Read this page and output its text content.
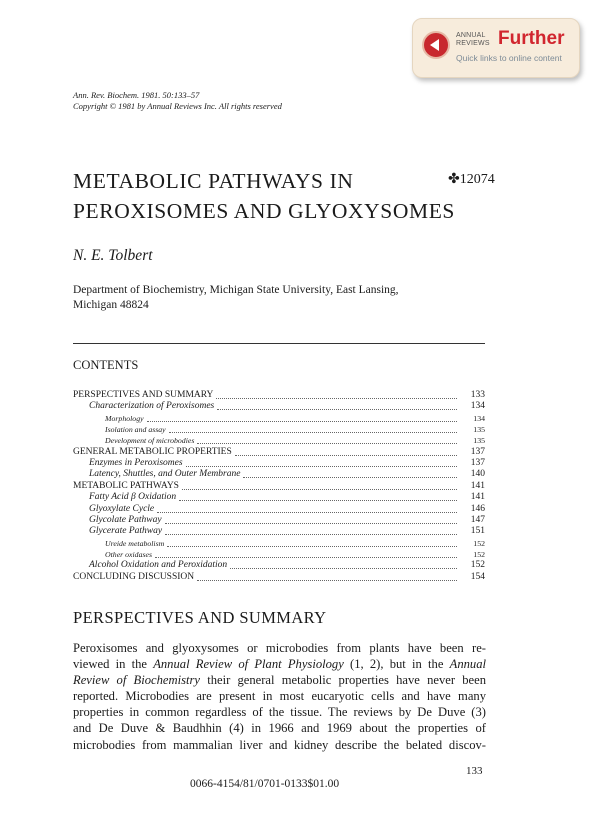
ANNUAL
REVIEWS Further
Quick links to online content
Ann. Rev. Biochem. 1981. 50:133–57
Copyright © 1981 by Annual Reviews Inc. All rights reserved
METABOLIC PATHWAYS IN
PEROXISOMES AND GLYOXYSOMES
✤12074
N. E. Tolbert
Department of Biochemistry, Michigan State University, East Lansing,
Michigan 48824
CONTENTS
PERSPECTIVES AND SUMMARY	133
Characterization of Peroxisomes	134
Morphology	134
Isolation and assay	135
Development of microbodies	135
GENERAL METABOLIC PROPERTIES	137
Enzymes in Peroxisomes	137
Latency, Shuttles, and Outer Membrane	140
METABOLIC PATHWAYS	141
Fatty Acid β Oxidation	141
Glyoxylate Cycle	146
Glycolate Pathway	147
Glycerate Pathway	151
Ureide metabolism	152
Other oxidases	152
Alcohol Oxidation and Peroxidation	152
CONCLUDING DISCUSSION	154
PERSPECTIVES AND SUMMARY
Peroxisomes and glyoxysomes or microbodies from plants have been re-
viewed in the Annual Review of Plant Physiology (1, 2), but in the Annual
Review of Biochemistry their general metabolic properties have never been
reported. Microbodies are present in most eucaryotic cells and have many
properties in common regardless of the tissue. The reviews by De Duve (3)
and De Duve & Baudhhin (4) in 1966 and 1969 about the properties of
microbodies from mammalian liver and kidney describe the belated discov-
133
0066-4154/81/0701-0133$01.00
